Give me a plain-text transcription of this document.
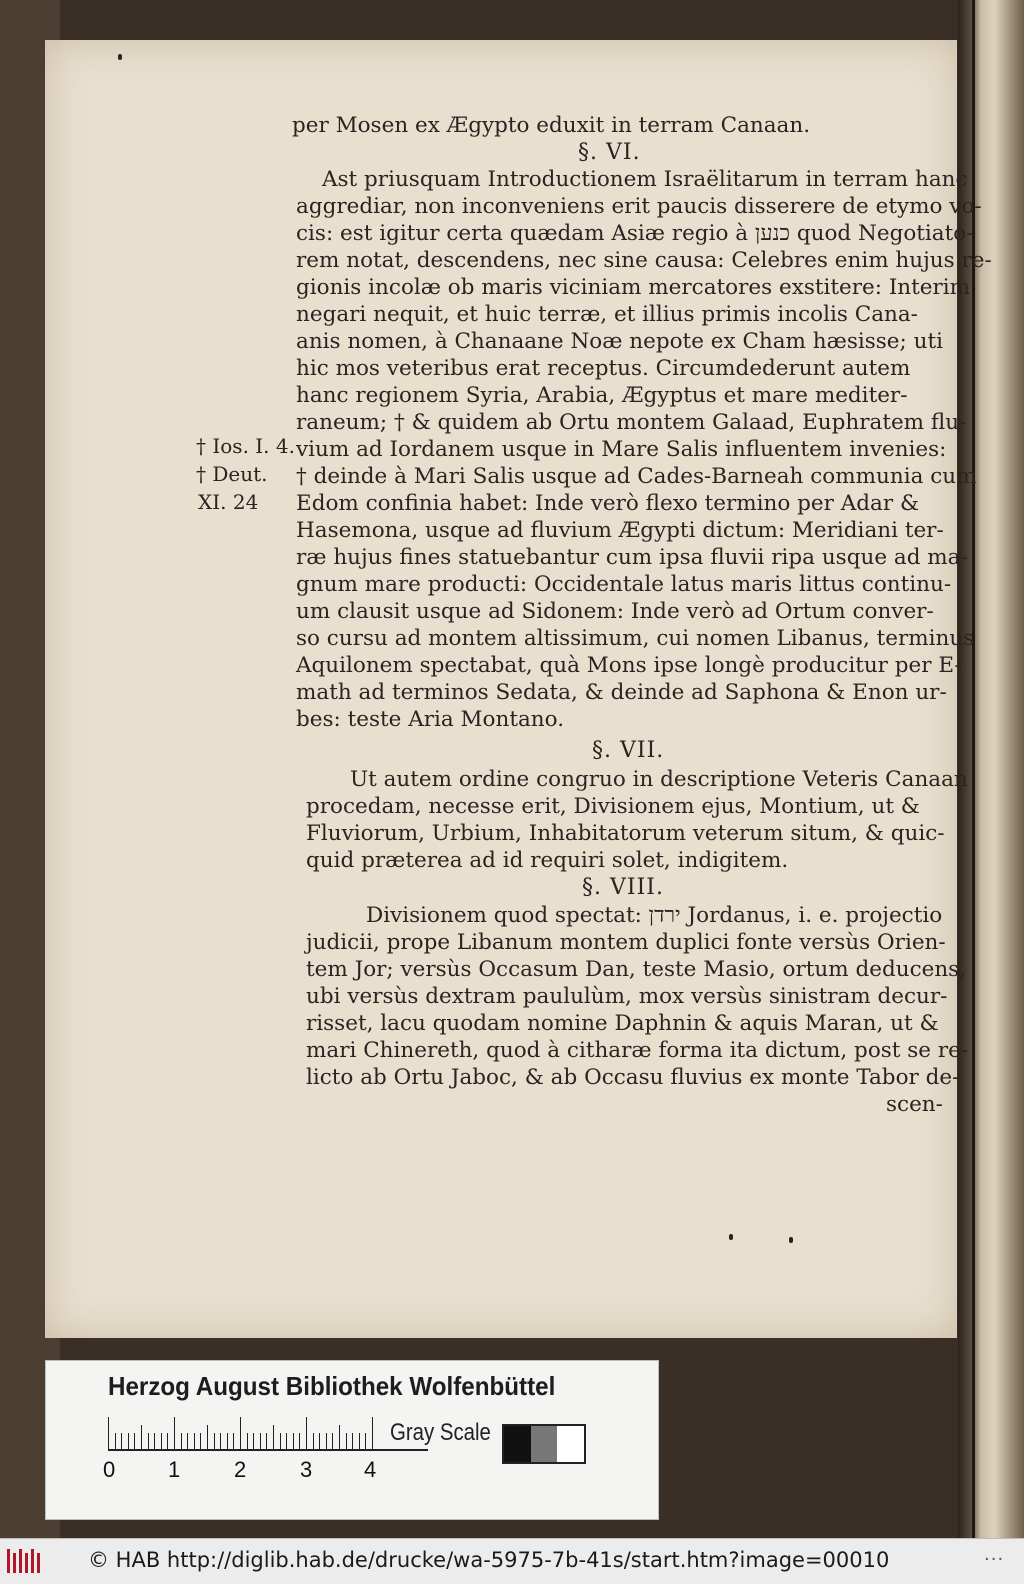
per Mosen ex Ægypto eduxit in terram Canaan.
§. VI.
Ast priusquam Introductionem Israëlitarum in terram hanc
aggrediar, non inconveniens erit paucis disserere de etymo vo-
cis: est igitur certa quædam Asiæ regio à כנען quod Negotiato-
rem notat, descendens, nec sine causa: Celebres enim hujus re-
gionis incolæ ob maris viciniam mercatores exstitere: Interim
negari nequit, et huic terræ, et illius primis incolis Cana-
anis nomen, à Chanaane Noæ nepote ex Cham hæsisse; uti
hic mos veteribus erat receptus. Circumdederunt autem
hanc regionem Syria, Arabia, Ægyptus et mare mediter-
raneum; † & quidem ab Ortu montem Galaad, Euphratem flu-
vium ad Iordanem usque in Mare Salis influentem invenies:
† deinde à Mari Salis usque ad Cades-Barneah communia cum
Edom confinia habet: Inde verò flexo termino per Adar &
Hasemona, usque ad fluvium Ægypti dictum: Meridiani ter-
ræ hujus fines statuebantur cum ipsa fluvii ripa usque ad ma-
gnum mare producti: Occidentale latus maris littus continu-
um clausit usque ad Sidonem: Inde verò ad Ortum conver-
so cursu ad montem altissimum, cui nomen Libanus, terminus
Aquilonem spectabat, quà Mons ipse longè producitur per E-
math ad terminos Sedata, & deinde ad Saphona & Enon ur-
bes: teste Aria Montano.
§. VII.
Ut autem ordine congruo in descriptione Veteris Canaan
procedam, necesse erit, Divisionem ejus, Montium, ut &
Fluviorum, Urbium, Inhabitatorum veterum situm, & quic-
quid præterea ad id requiri solet, indigitem.
§. VIII.
Divisionem quod spectat: ירדן Jordanus, i. e. projectio
judicii, prope Libanum montem duplici fonte versùs Orien-
tem Jor; versùs Occasum Dan, teste Masio, ortum deducens,
ubi versùs dextram paululùm, mox versùs sinistram decur-
risset, lacu quodam nomine Daphnin & aquis Maran, ut &
mari Chinereth, quod à citharæ forma ita dictum, post se re-
licto ab Ortu Jaboc, & ab Occasu fluvius ex monte Tabor de-
scen-
† Ios. I. 4.
† Deut.
XI. 24
Herzog August Bibliothek Wolfenbüttel
0 1 2 3 4
Gray Scale
© HAB http://diglib.hab.de/drucke/wa-5975-7b-41s/start.htm?image=00010	···
